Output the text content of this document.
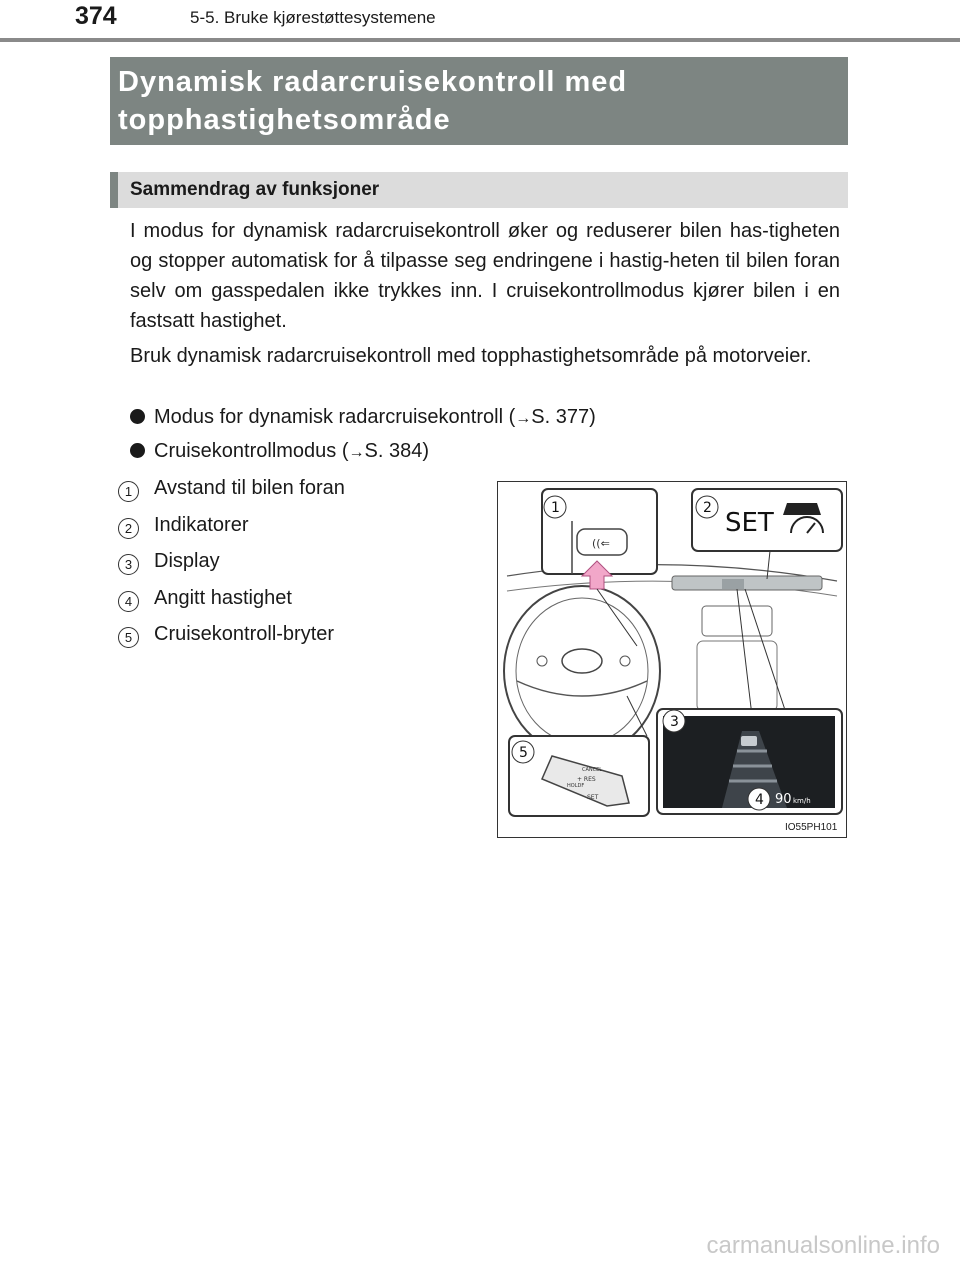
374	5-5. Bruke kjørestøttesystemene
Dynamisk radarcruisekontroll med topphastighetsområde
Sammendrag av funksjoner

I modus for dynamisk radarcruisekontroll øker og reduserer bilen has-tigheten og stopper automatisk for å tilpasse seg endringene i hastig-heten til bilen foran selv om gasspedalen ikke trykkes inn. I cruisekontrollmodus kjører bilen i en fastsatt hastighet.

Bruk dynamisk radarcruisekontroll med topphastighetsområde på motorveier.

Modus for dynamisk radarcruisekontroll (→S. 377)
Cruisekontrollmodus (→S. 384)
1	Avstand til bilen foran
2	Indikatorer
3	Display
4	Angitt hastighet
5	Cruisekontroll-bryter
((⇐
SET
90 km/h
CANCEL
+ RES
HOLDF
SET
1	2
3
4
5
IO55PH101
carmanualsonline.info
